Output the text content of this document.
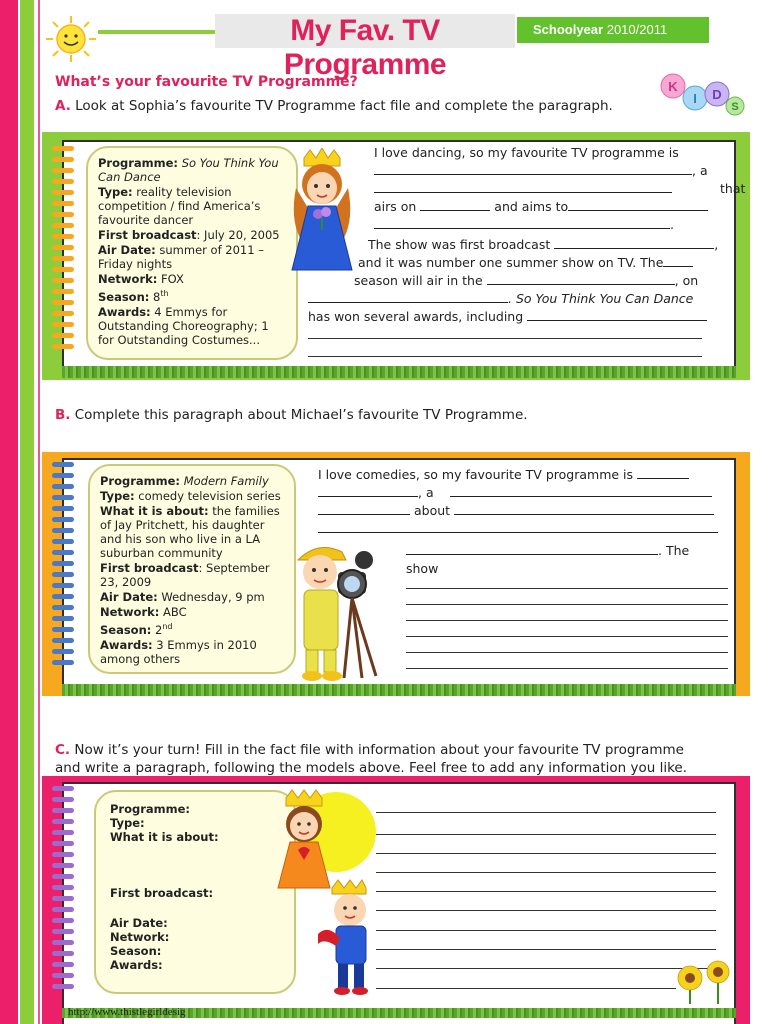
My Fav. TV Programme
Schoolyear 2010/2011
What’s your favourite TV Programme?
A. Look at Sophia’s favourite TV Programme fact file and complete the paragraph.
K
I D
S
Programme: So You Think You Can Dance
Type: reality television competition / find America’s favourite dancer
First broadcast: July 20, 2005
Air Date: summer of 2011 – Friday nights
Network: FOX
Season: 8th
Awards: 4 Emmys for Outstanding Choreography; 1 for Outstanding Costumes...
I love dancing, so my favourite TV programme is
, a
that
airs on	and aims to
.
The show was first broadcast	,
and it was number one summer show on TV. The
season will air in the	, on
. So You Think You Can Dance
has won several awards, including
B. Complete this paragraph about Michael’s favourite TV Programme.
Programme: Modern Family
Type: comedy television series
What it is about: the families of Jay Pritchett, his daughter and his son who live in a LA suburban community
First broadcast: September 23, 2009
Air Date: Wednesday, 9 pm
Network: ABC
Season: 2nd
Awards: 3 Emmys in 2010 among others
I love comedies, so my favourite TV programme is
, a
about
. The
show
C. Now it’s your turn! Fill in the fact file with information about your favourite TV programme
and write a paragraph, following the models above. Feel free to add any information you like.
Programme:
Type:
What it is about:
First broadcast:
Air Date:
Network:
Season:
Awards:
http://www.thistlegirldesig
